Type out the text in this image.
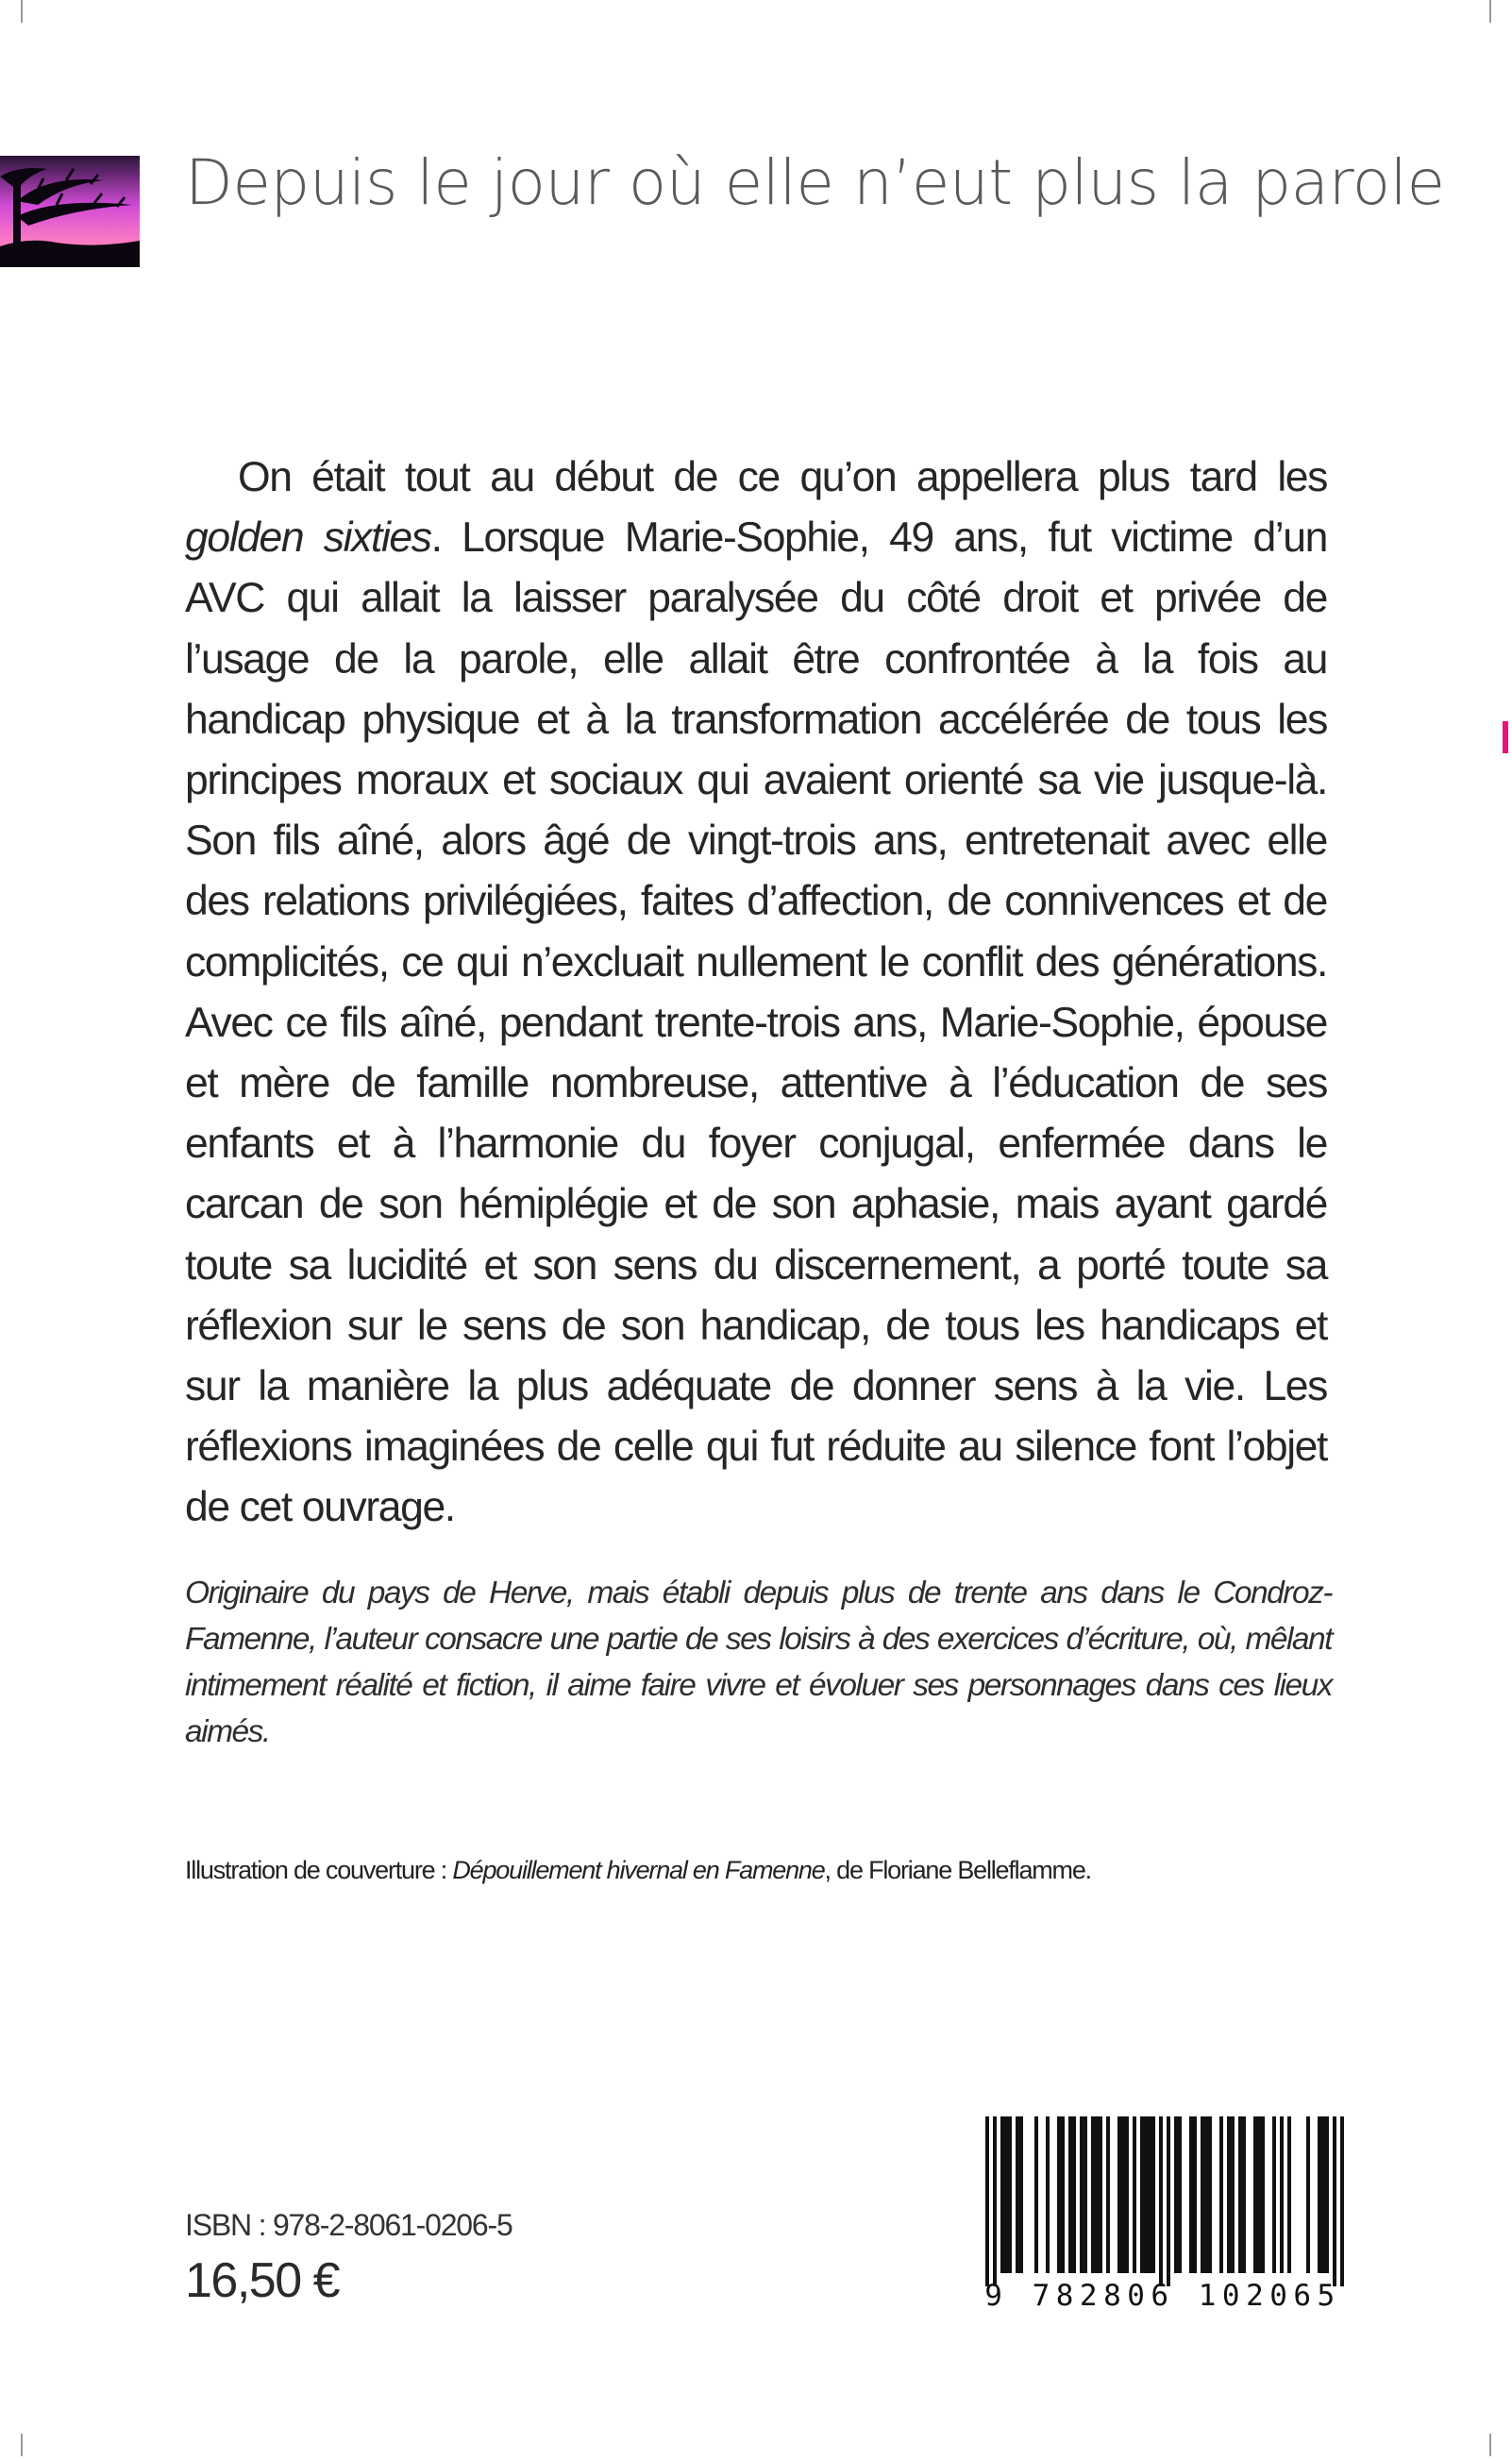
Depuis le jour où elle n’eut plus la parole

On était tout au début de ce qu’on appellera plus tard les golden sixties. Lorsque Marie-Sophie, 49 ans, fut victime d’un AVC qui allait la laisser paralysée du côté droit et privée de l’usage de la parole, elle allait être confrontée à la fois au handicap physique et à la transformation accélérée de tous les principes moraux et sociaux qui avaient orienté sa vie jusque-là. Son fils aîné, alors âgé de vingt-trois ans, entretenait avec elle des relations privilégiées, faites d’affection, de connivences et de complicités, ce qui n’excluait nullement le conflit des générations. Avec ce fils aîné, pendant trente-trois ans, Marie-Sophie, épouse et mère de famille nombreuse, attentive à l’éducation de ses enfants et à l’harmonie du foyer conjugal, enfermée dans le carcan de son hémiplégie et de son aphasie, mais ayant gardé toute sa lucidité et son sens du discernement, a porté toute sa réflexion sur le sens de son handicap, de tous les handicaps et sur la manière la plus adéquate de donner sens à la vie. Les réflexions imaginées de celle qui fut réduite au silence font l’objet de cet ouvrage.

Originaire du pays de Herve, mais établi depuis plus de trente ans dans le Condroz-Famenne, l’auteur consacre une partie de ses loisirs à des exercices d’écriture, où, mêlant intimement réalité et fiction, il aime faire vivre et évoluer ses personnages dans ces lieux aimés.

Illustration de couverture : Dépouillement hivernal en Famenne, de Floriane Belleflamme.

ISBN : 978-2-8061-0206-5
16,50 €	9 782806 102065
